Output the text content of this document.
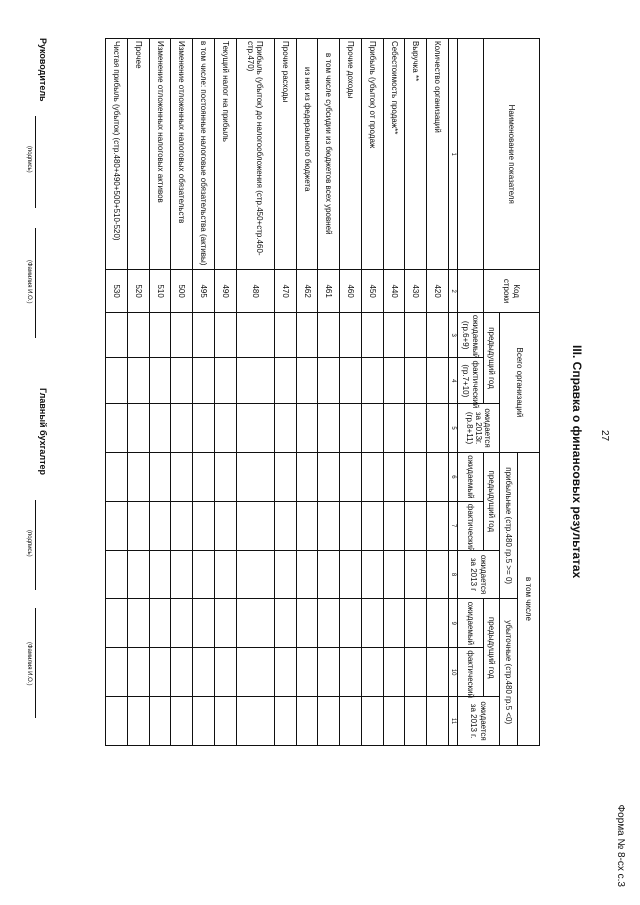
Форма № 8-сх с.3
27
III. Справка о финансовых результатах
Наименование показателя	Код строки	Всего организаций			в том числе					
					прибыльные (стр.480 гр.5 >= 0)			убыточные (стр.480 гр.5 <0)		
		предыдущий год		ожидается за 2013г. (гр.8+11)	предыдущий год		ожидается за 2013 г	предыдущий год		ожидается за 2013 г.
		ожидаемый (гр.6+9)	фактический (гр.7+10)		ожидаемый	фактический		ожидаемый	фактический	
1	2	3	4	5	6	7	8	9	10	11
Количество организаций	420									
Выручка **	430									
Себестоимость продаж**	440									
Прибыль (убыток) от продаж	450									
Прочие доходы	460									
в том числе субсидии из бюджетов всех уровней	461									
из них из федерального бюджета	462									
Прочие расходы	470									
Прибыль (убыток) до налогообложения (стр.450+стр.460-стр.470)	480									
Текущий налог на прибыль	490									
в том числе: постоянные налоговые обязательства (активы)	495									
Изменение отложенных налоговых обязательств	500									
Изменение отложенных налоговых активов	510									
Прочее	520									
Чистая прибыль (убыток) (стр.480+490+500+510-520)	530									
Руководитель
(подпись)
(Фамилия И.О.)
Главный бухгалтер
(подпись)
(Фамилия И.О.)
